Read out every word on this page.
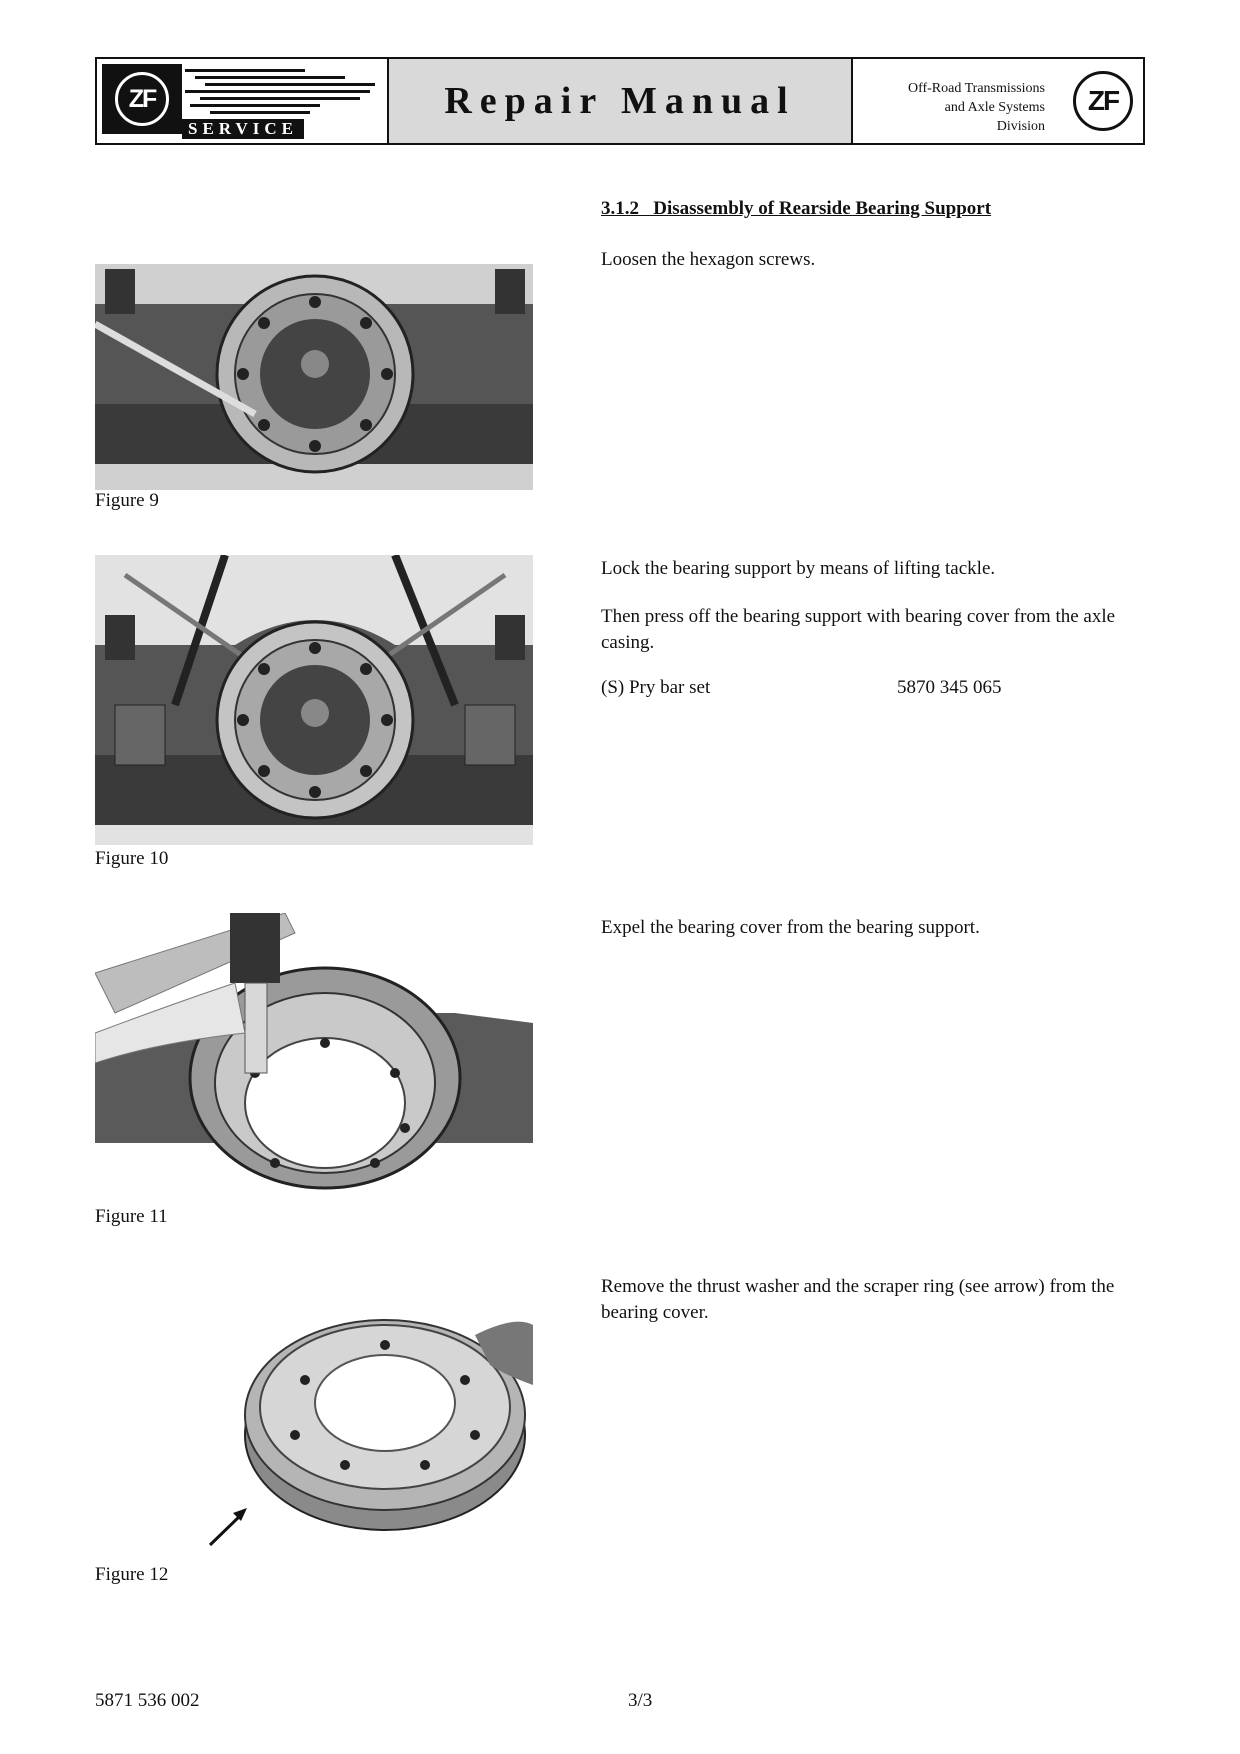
ZF
SERVICE
Repair Manual	Off-Road Transmissions
and Axle Systems
Division
ZF
3.1.2   Disassembly of Rearside Bearing Support
Loosen the hexagon screws.
Figure 9
Lock the bearing support by means of lifting tackle.
Then press off the bearing support with bearing cover from the axle casing.
(S) Pry bar set	5870 345 065
Figure 10
Expel the bearing cover from the bearing support.
Figure 11
Remove the thrust washer and the scraper ring (see arrow) from the bearing cover.
Figure 12
5871 536 002	3/3
